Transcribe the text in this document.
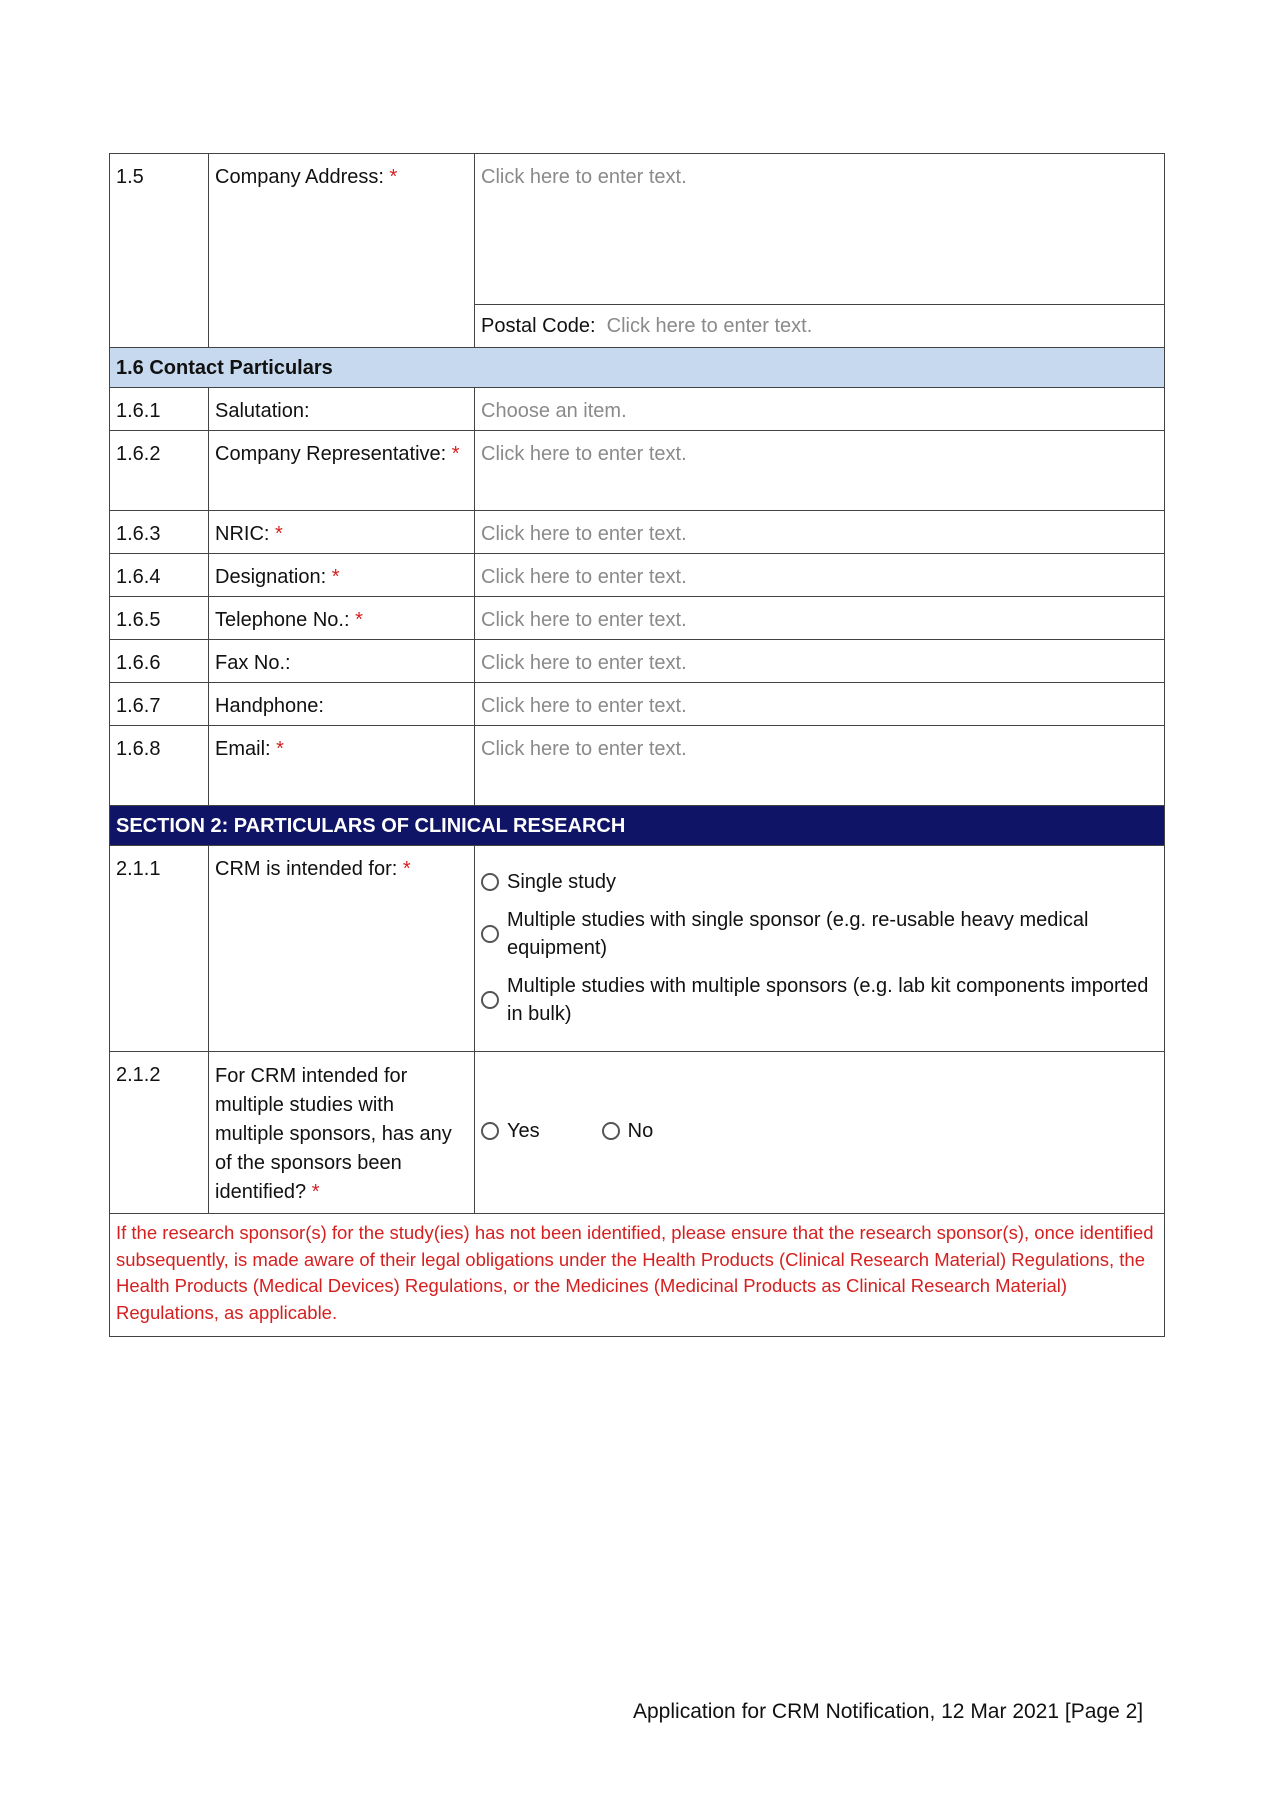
1.5	Company Address: *	Click here to enter text.
Postal Code: Click here to enter text.

1.6 Contact Particulars		
1.6.1	Salutation:	Choose an item.
1.6.2	Company Representative: *	Click here to enter text.
1.6.3	NRIC: *	Click here to enter text.
1.6.4	Designation: *	Click here to enter text.
1.6.5	Telephone No.: *	Click here to enter text.
1.6.6	Fax No.:	Click here to enter text.
1.6.7	Handphone:	Click here to enter text.
1.6.8	Email: *	Click here to enter text.
SECTION 2: PARTICULARS OF CLINICAL RESEARCH		
2.1.1	CRM is intended for: *	Single study
Multiple studies with single sponsor (e.g. re-usable heavy medical equipment)
Multiple studies with multiple sponsors (e.g. lab kit components imported in bulk)

2.1.2	For CRM intended for multiple studies with multiple sponsors, has any of the sponsors been identified? *	Yes No

If the research sponsor(s) for the study(ies) has not been identified, please ensure that the research sponsor(s), once identified subsequently, is made aware of their legal obligations under the Health Products (Clinical Research Material) Regulations, the Health Products (Medical Devices) Regulations, or the Medicines (Medicinal Products as Clinical Research Material) Regulations, as applicable.		
Application for CRM Notification, 12 Mar 2021 [Page 2]
